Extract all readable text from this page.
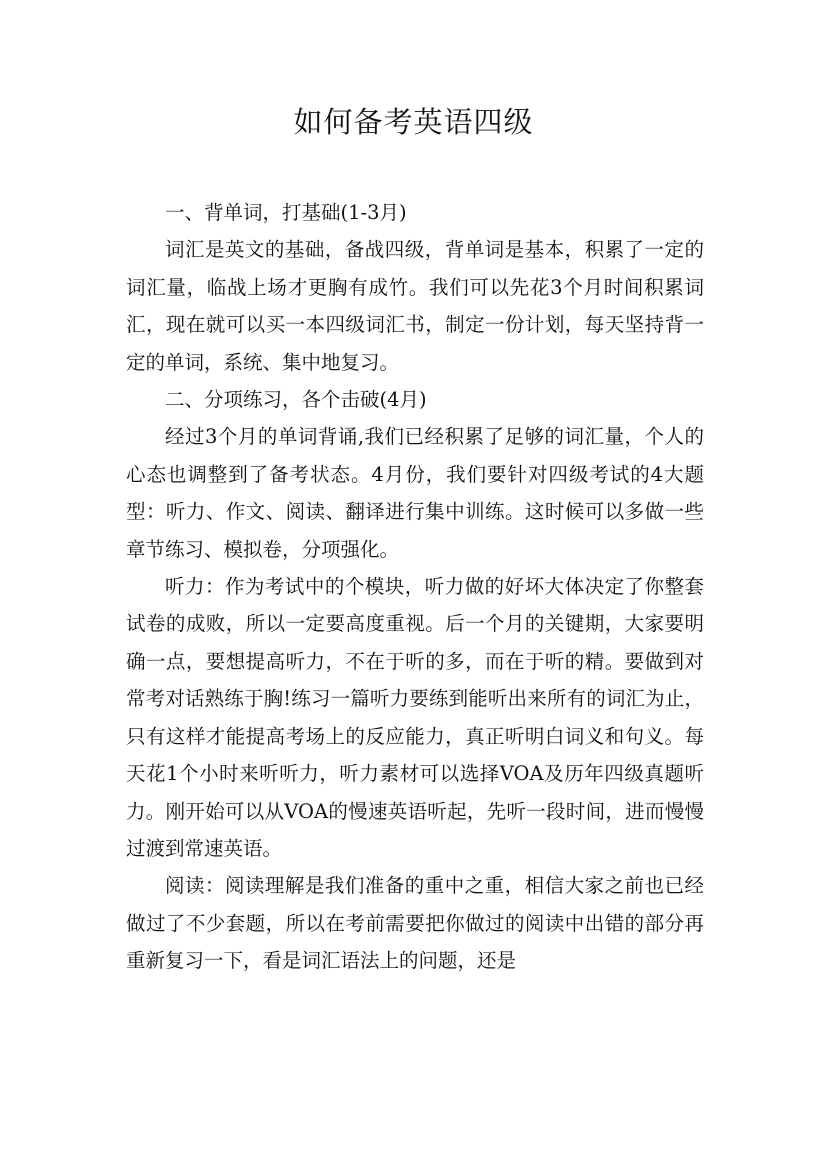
如何备考英语四级

一、背单词，打基础(1-3月)

词汇是英文的基础，备战四级，背单词是基本，积累了一定的词汇量，临战上场才更胸有成竹。我们可以先花3个月时间积累词汇，现在就可以买一本四级词汇书，制定一份计划，每天坚持背一定的单词，系统、集中地复习。

二、分项练习，各个击破(4月)

经过3个月的单词背诵,我们已经积累了足够的词汇量，个人的心态也调整到了备考状态。4月份，我们要针对四级考试的4大题型：听力、作文、阅读、翻译进行集中训练。这时候可以多做一些章节练习、模拟卷，分项强化。

听力：作为考试中的个模块，听力做的好坏大体决定了你整套试卷的成败，所以一定要高度重视。后一个月的关键期，大家要明确一点，要想提高听力，不在于听的多，而在于听的精。要做到对常考对话熟练于胸!练习一篇听力要练到能听出来所有的词汇为止，只有这样才能提高考场上的反应能力，真正听明白词义和句义。每天花1个小时来听听力，听力素材可以选择VOA及历年四级真题听力。刚开始可以从VOA的慢速英语听起，先听一段时间，进而慢慢过渡到常速英语。

阅读：阅读理解是我们准备的重中之重，相信大家之前也已经做过了不少套题，所以在考前需要把你做过的阅读中出错的部分再重新复习一下，看是词汇语法上的问题，还是
